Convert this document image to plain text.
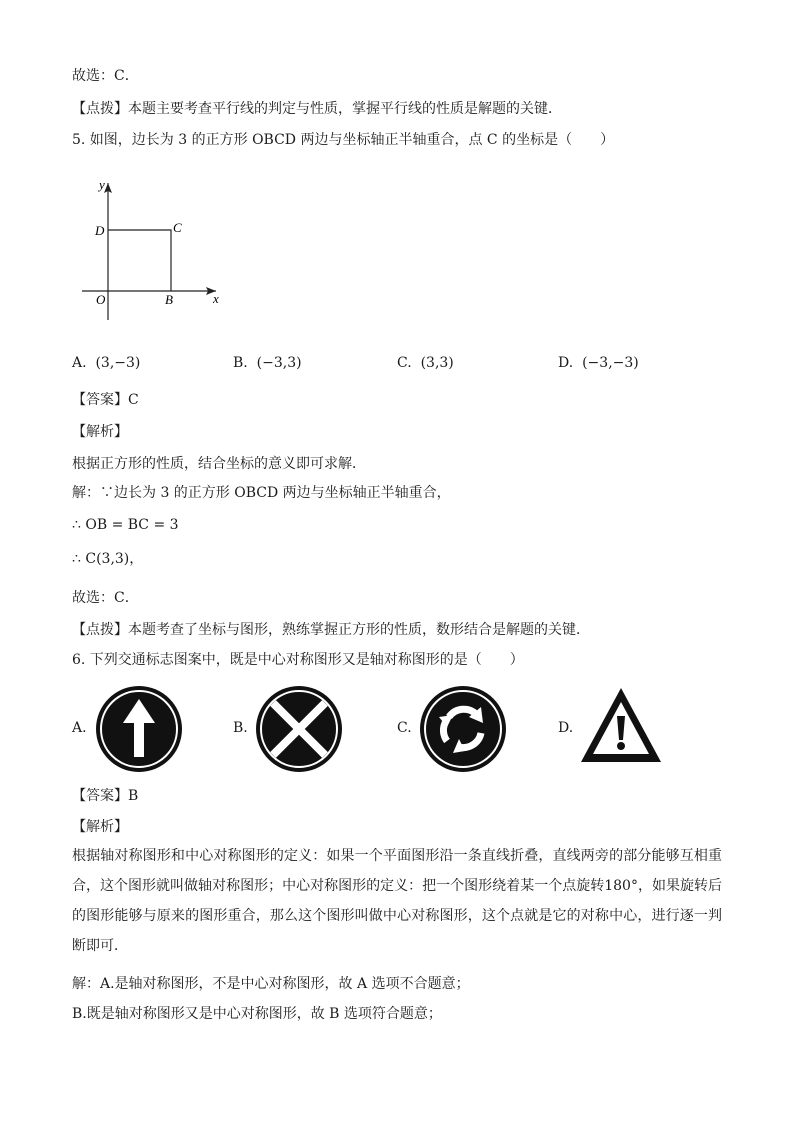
故选：C．
【点拨】本题主要考查平行线的判定与性质，掌握平行线的性质是解题的关键．
5. 如图，边长为 3 的正方形 OBCD 两边与坐标轴正半轴重合，点 C 的坐标是（　　）
y
x
D	C
O	B
A. (3,−3)	B. (−3,3)	C. (3,3)	D. (−3,−3)
【答案】C
【解析】
根据正方形的性质，结合坐标的意义即可求解．
解：∵边长为 3 的正方形 OBCD 两边与坐标轴正半轴重合，
∴ OB = BC = 3
∴ C(3,3)，
故选：C．
【点拨】本题考查了坐标与图形，熟练掌握正方形的性质，数形结合是解题的关键．
6. 下列交通标志图案中，既是中心对称图形又是轴对称图形的是（　　）
A.	B.	C.	D.
【答案】B
【解析】
根据轴对称图形和中心对称图形的定义：如果一个平面图形沿一条直线折叠，直线两旁的部分能够互相重合，这个图形就叫做轴对称图形；中心对称图形的定义：把一个图形绕着某一个点旋转180°，如果旋转后的图形能够与原来的图形重合，那么这个图形叫做中心对称图形，这个点就是它的对称中心，进行逐一判断即可．
解：A.是轴对称图形，不是中心对称图形，故 A 选项不合题意；
B.既是轴对称图形又是中心对称图形，故 B 选项符合题意；
